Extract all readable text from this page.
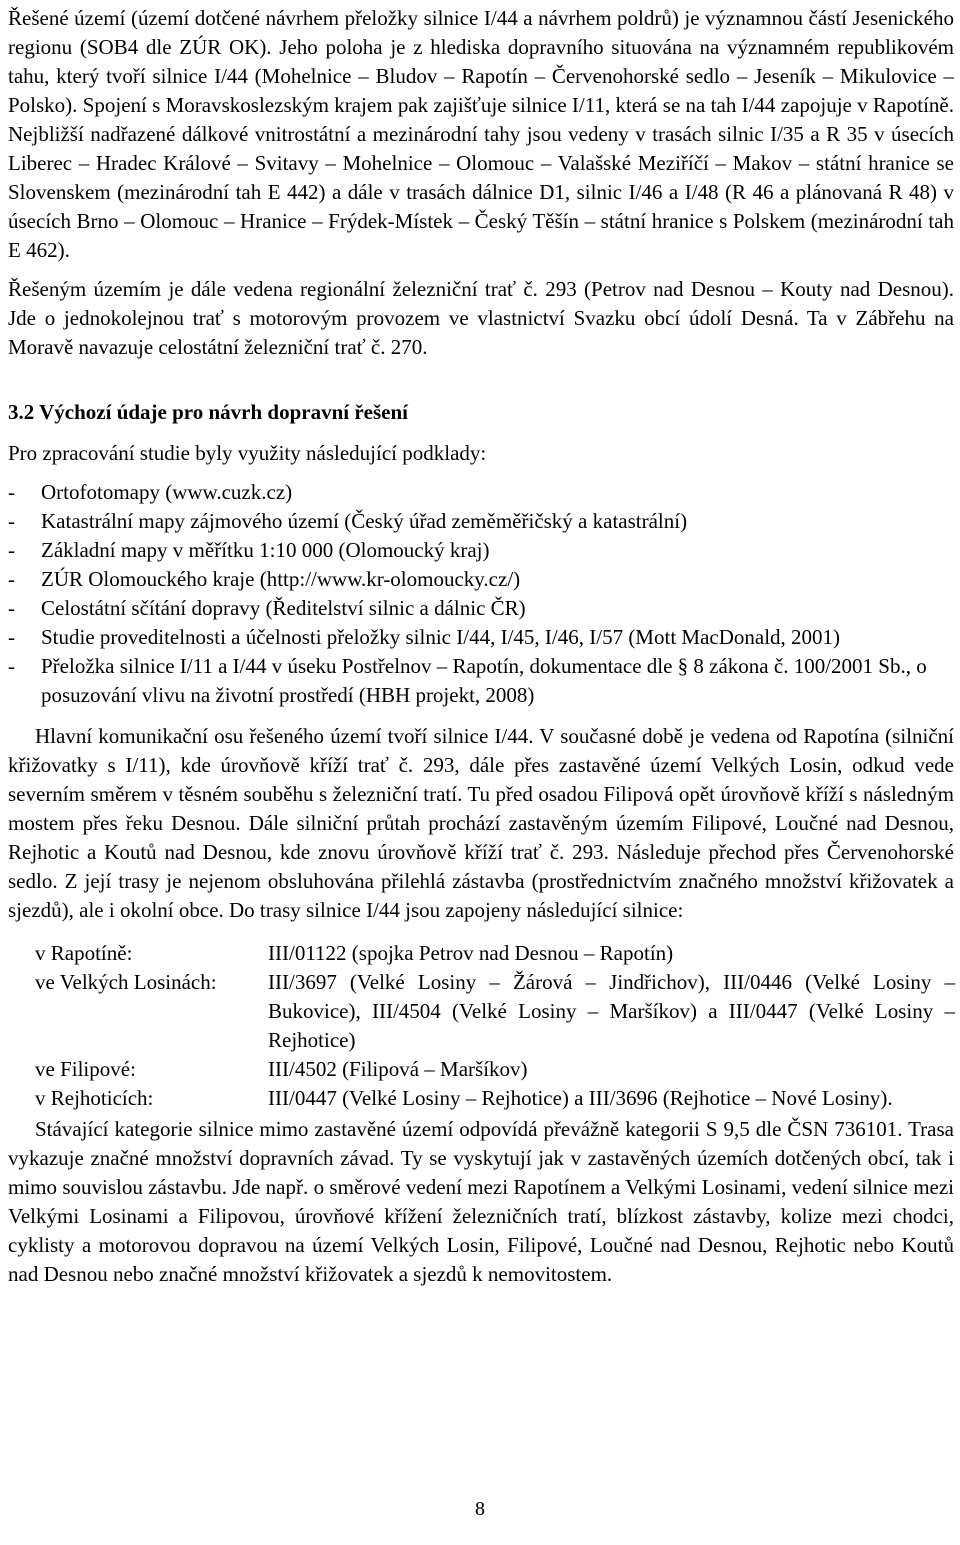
Řešené území (území dotčené návrhem přeložky silnice I/44 a návrhem poldrů) je významnou částí Jesenického regionu (SOB4 dle ZÚR OK). Jeho poloha je z hlediska dopravního situována na významném republikovém tahu, který tvoří silnice I/44 (Mohelnice – Bludov – Rapotín – Červenohorské sedlo – Jeseník – Mikulovice – Polsko). Spojení s Moravskoslezským krajem pak zajišťuje silnice I/11, která se na tah I/44 zapojuje v Rapotíně. Nejbližší nadřazené dálkové vnitrostátní a mezinárodní tahy jsou vedeny v trasách silnic I/35 a R 35 v úsecích Liberec – Hradec Králové – Svitavy – Mohelnice – Olomouc – Valašské Meziříčí – Makov – státní hranice se Slovenskem (mezinárodní tah E 442) a dále v trasách dálnice D1, silnic I/46 a I/48 (R 46 a plánovaná R 48) v úsecích Brno – Olomouc – Hranice – Frýdek-Místek – Český Těšín – státní hranice s Polskem (mezinárodní tah E 462).

Řešeným územím je dále vedena regionální železniční trať č. 293 (Petrov nad Desnou – Kouty nad Desnou). Jde o jednokolejnou trať s motorovým provozem ve vlastnictví Svazku obcí údolí Desná. Ta v Zábřehu na Moravě navazuje celostátní železniční trať č. 270.

3.2 Výchozí údaje pro návrh dopravní řešení

Pro zpracování studie byly využity následující podklady:

- Ortofotomapy (www.cuzk.cz)
- Katastrální mapy zájmového území (Český úřad zeměměřičský a katastrální)
- Základní mapy v měřítku 1:10 000 (Olomoucký kraj)
- ZÚR Olomouckého kraje (http://www.kr-olomoucky.cz/)
- Celostátní sčítání dopravy (Ředitelství silnic a dálnic ČR)
- Studie proveditelnosti a účelnosti přeložky silnic I/44, I/45, I/46, I/57 (Mott MacDonald, 2001)
- Přeložka silnice I/11 a I/44 v úseku Postřelnov – Rapotín, dokumentace dle § 8 zákona č. 100/2001 Sb., o posuzování vlivu na životní prostředí (HBH projekt, 2008)

Hlavní komunikační osu řešeného území tvoří silnice I/44. V současné době je vedena od Rapotína (silniční křižovatky s I/11), kde úrovňově kříží trať č. 293, dále přes zastavěné území Velkých Losin, odkud vede severním směrem v těsném souběhu s železniční tratí. Tu před osadou Filipová opět úrovňově kříží s následným mostem přes řeku Desnou. Dále silniční průtah prochází zastavěným územím Filipové, Loučné nad Desnou, Rejhotic a Koutů nad Desnou, kde znovu úrovňově kříží trať č. 293. Následuje přechod přes Červenohorské sedlo. Z její trasy je nejenom obsluhována přilehlá zástavba (prostřednictvím značného množství křižovatek a sjezdů), ale i okolní obce. Do trasy silnice I/44 jsou zapojeny následující silnice:

v Rapotíně:	III/01122 (spojka Petrov nad Desnou – Rapotín)
ve Velkých Losinách:	III/3697 (Velké Losiny – Žárová – Jindřichov), III/0446 (Velké Losiny – Bukovice), III/4504 (Velké Losiny – Maršíkov) a III/0447 (Velké Losiny – Rejhotice)
ve Filipové:	III/4502 (Filipová – Maršíkov)
v Rejhoticích:	III/0447 (Velké Losiny – Rejhotice) a III/3696 (Rejhotice – Nové Losiny).

Stávající kategorie silnice mimo zastavěné území odpovídá převážně kategorii S 9,5 dle ČSN 736101. Trasa vykazuje značné množství dopravních závad. Ty se vyskytují jak v zastavěných územích dotčených obcí, tak i mimo souvislou zástavbu. Jde např. o směrové vedení mezi Rapotínem a Velkými Losinami, vedení silnice mezi Velkými Losinami a Filipovou, úrovňové křížení železničních tratí, blízkost zástavby, kolize mezi chodci, cyklisty a motorovou dopravou na území Velkých Losin, Filipové, Loučné nad Desnou, Rejhotic nebo Koutů nad Desnou nebo značné množství křižovatek a sjezdů k nemovitostem.

8
